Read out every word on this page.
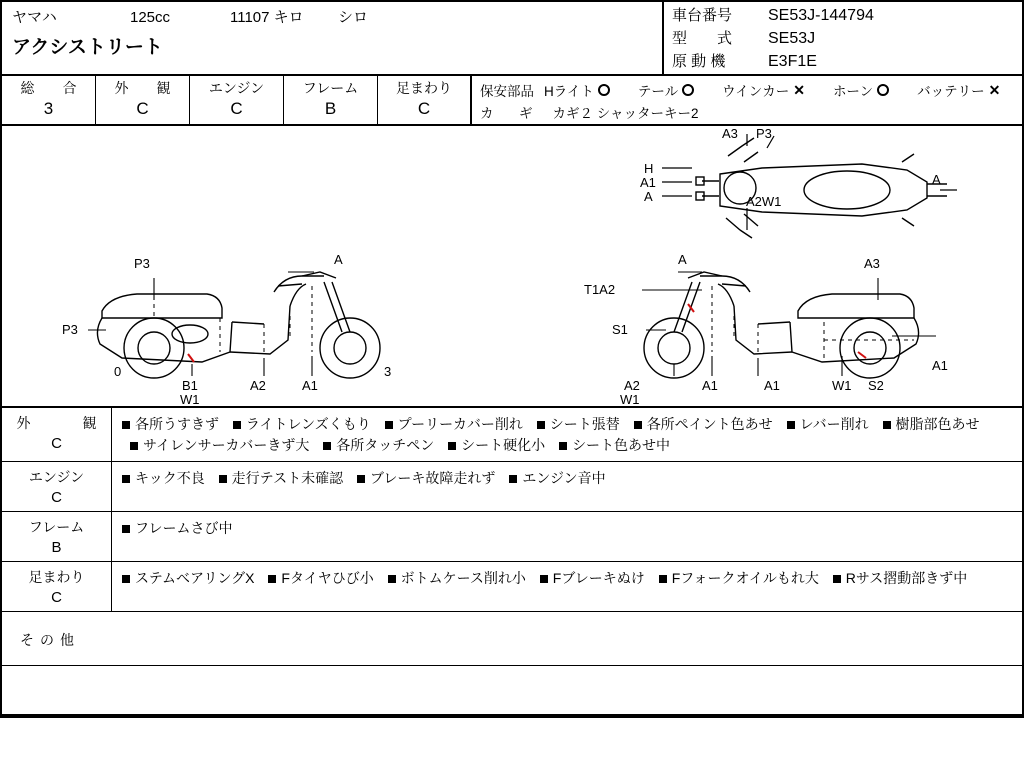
ヤマハ	125cc	11107 キロ	シロ
アクシストリート
車台番号	SE53J-144794
型　　式	SE53J
原 動 機	E3F1E
総　合
3
外　観
C
エンジン
C
フレーム
B
足まわり
C
保安部品 Hライト	テール	ウインカー ✕ ホーン	バッテリー ✕
カ　ギ カギ２ シャッターキー2
A3 P3
H
A1
A
A
A2W1
P3	A
P3
0
B1
W1
A2	A1
3
A	A3
T1A2
S1
A1
A2
W1
A1	A1	W1 S2
外　　観
C
各所うすきず ライトレンズくもり プーリーカバー削れ シート張替 各所ペイント色あせ レバー削れ 樹脂部色あせ サイレンサーカバーきず大 各所タッチペン シート硬化小 シート色あせ中
エンジン
C
キック不良 走行テスト未確認 ブレーキ故障走れず エンジン音中
フレーム
B
フレームさび中
足まわり
C
ステムベアリングX Fタイヤひび小 ボトムケース削れ小 Fブレーキぬけ Fフォークオイルもれ大 Rサス摺動部きず中
その他
